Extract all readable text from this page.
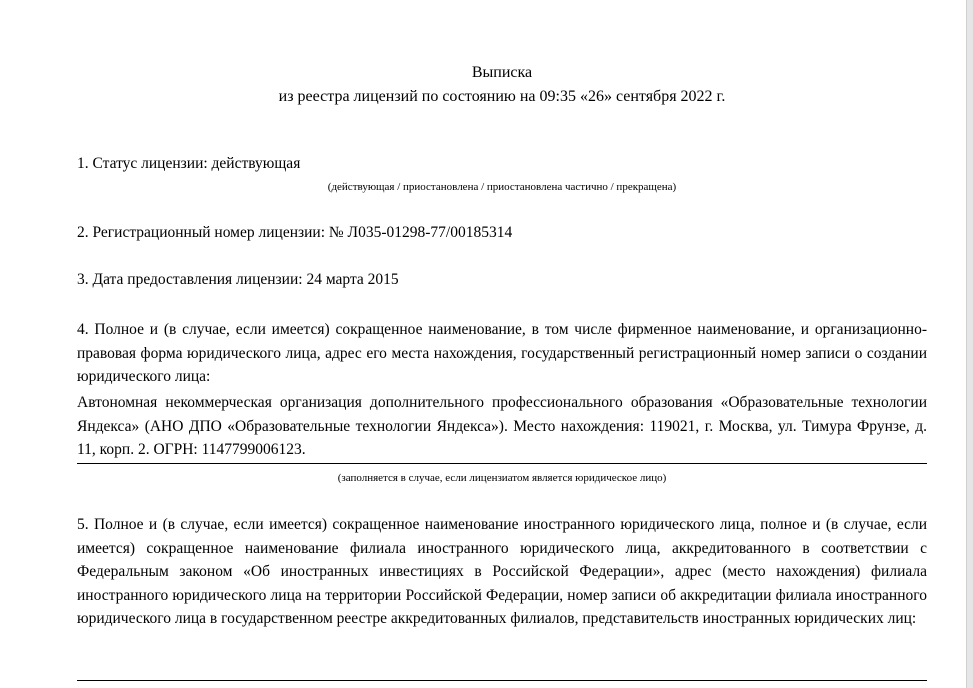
Выписка
из реестра лицензий по состоянию на 09:35 «26» сентября 2022 г.
1. Статус лицензии: действующая
(действующая / приостановлена / приостановлена частично / прекращена)
2. Регистрационный номер лицензии: № Л035-01298-77/00185314
3. Дата предоставления лицензии: 24 марта 2015
4. Полное и (в случае, если имеется) сокращенное наименование, в том числе фирменное наименование, и организационно-правовая форма юридического лица, адрес его места нахождения, государственный регистрационный номер записи о создании юридического лица:
Автономная некоммерческая организация дополнительного профессионального образования «Образовательные технологии Яндекса» (АНО ДПО «Образовательные технологии Яндекса»). Место нахождения: 119021, г. Москва, ул. Тимура Фрунзе, д. 11, корп. 2. ОГРН: 1147799006123.
(заполняется в случае, если лицензиатом является юридическое лицо)
5. Полное и (в случае, если имеется) сокращенное наименование иностранного юридического лица, полное и (в случае, если имеется) сокращенное наименование филиала иностранного юридического лица, аккредитованного в соответствии с Федеральным законом «Об иностранных инвестициях в Российской Федерации», адрес (место нахождения) филиала иностранного юридического лица на территории Российской Федерации, номер записи об аккредитации филиала иностранного юридического лица в государственном реестре аккредитованных филиалов, представительств иностранных юридических лиц:
